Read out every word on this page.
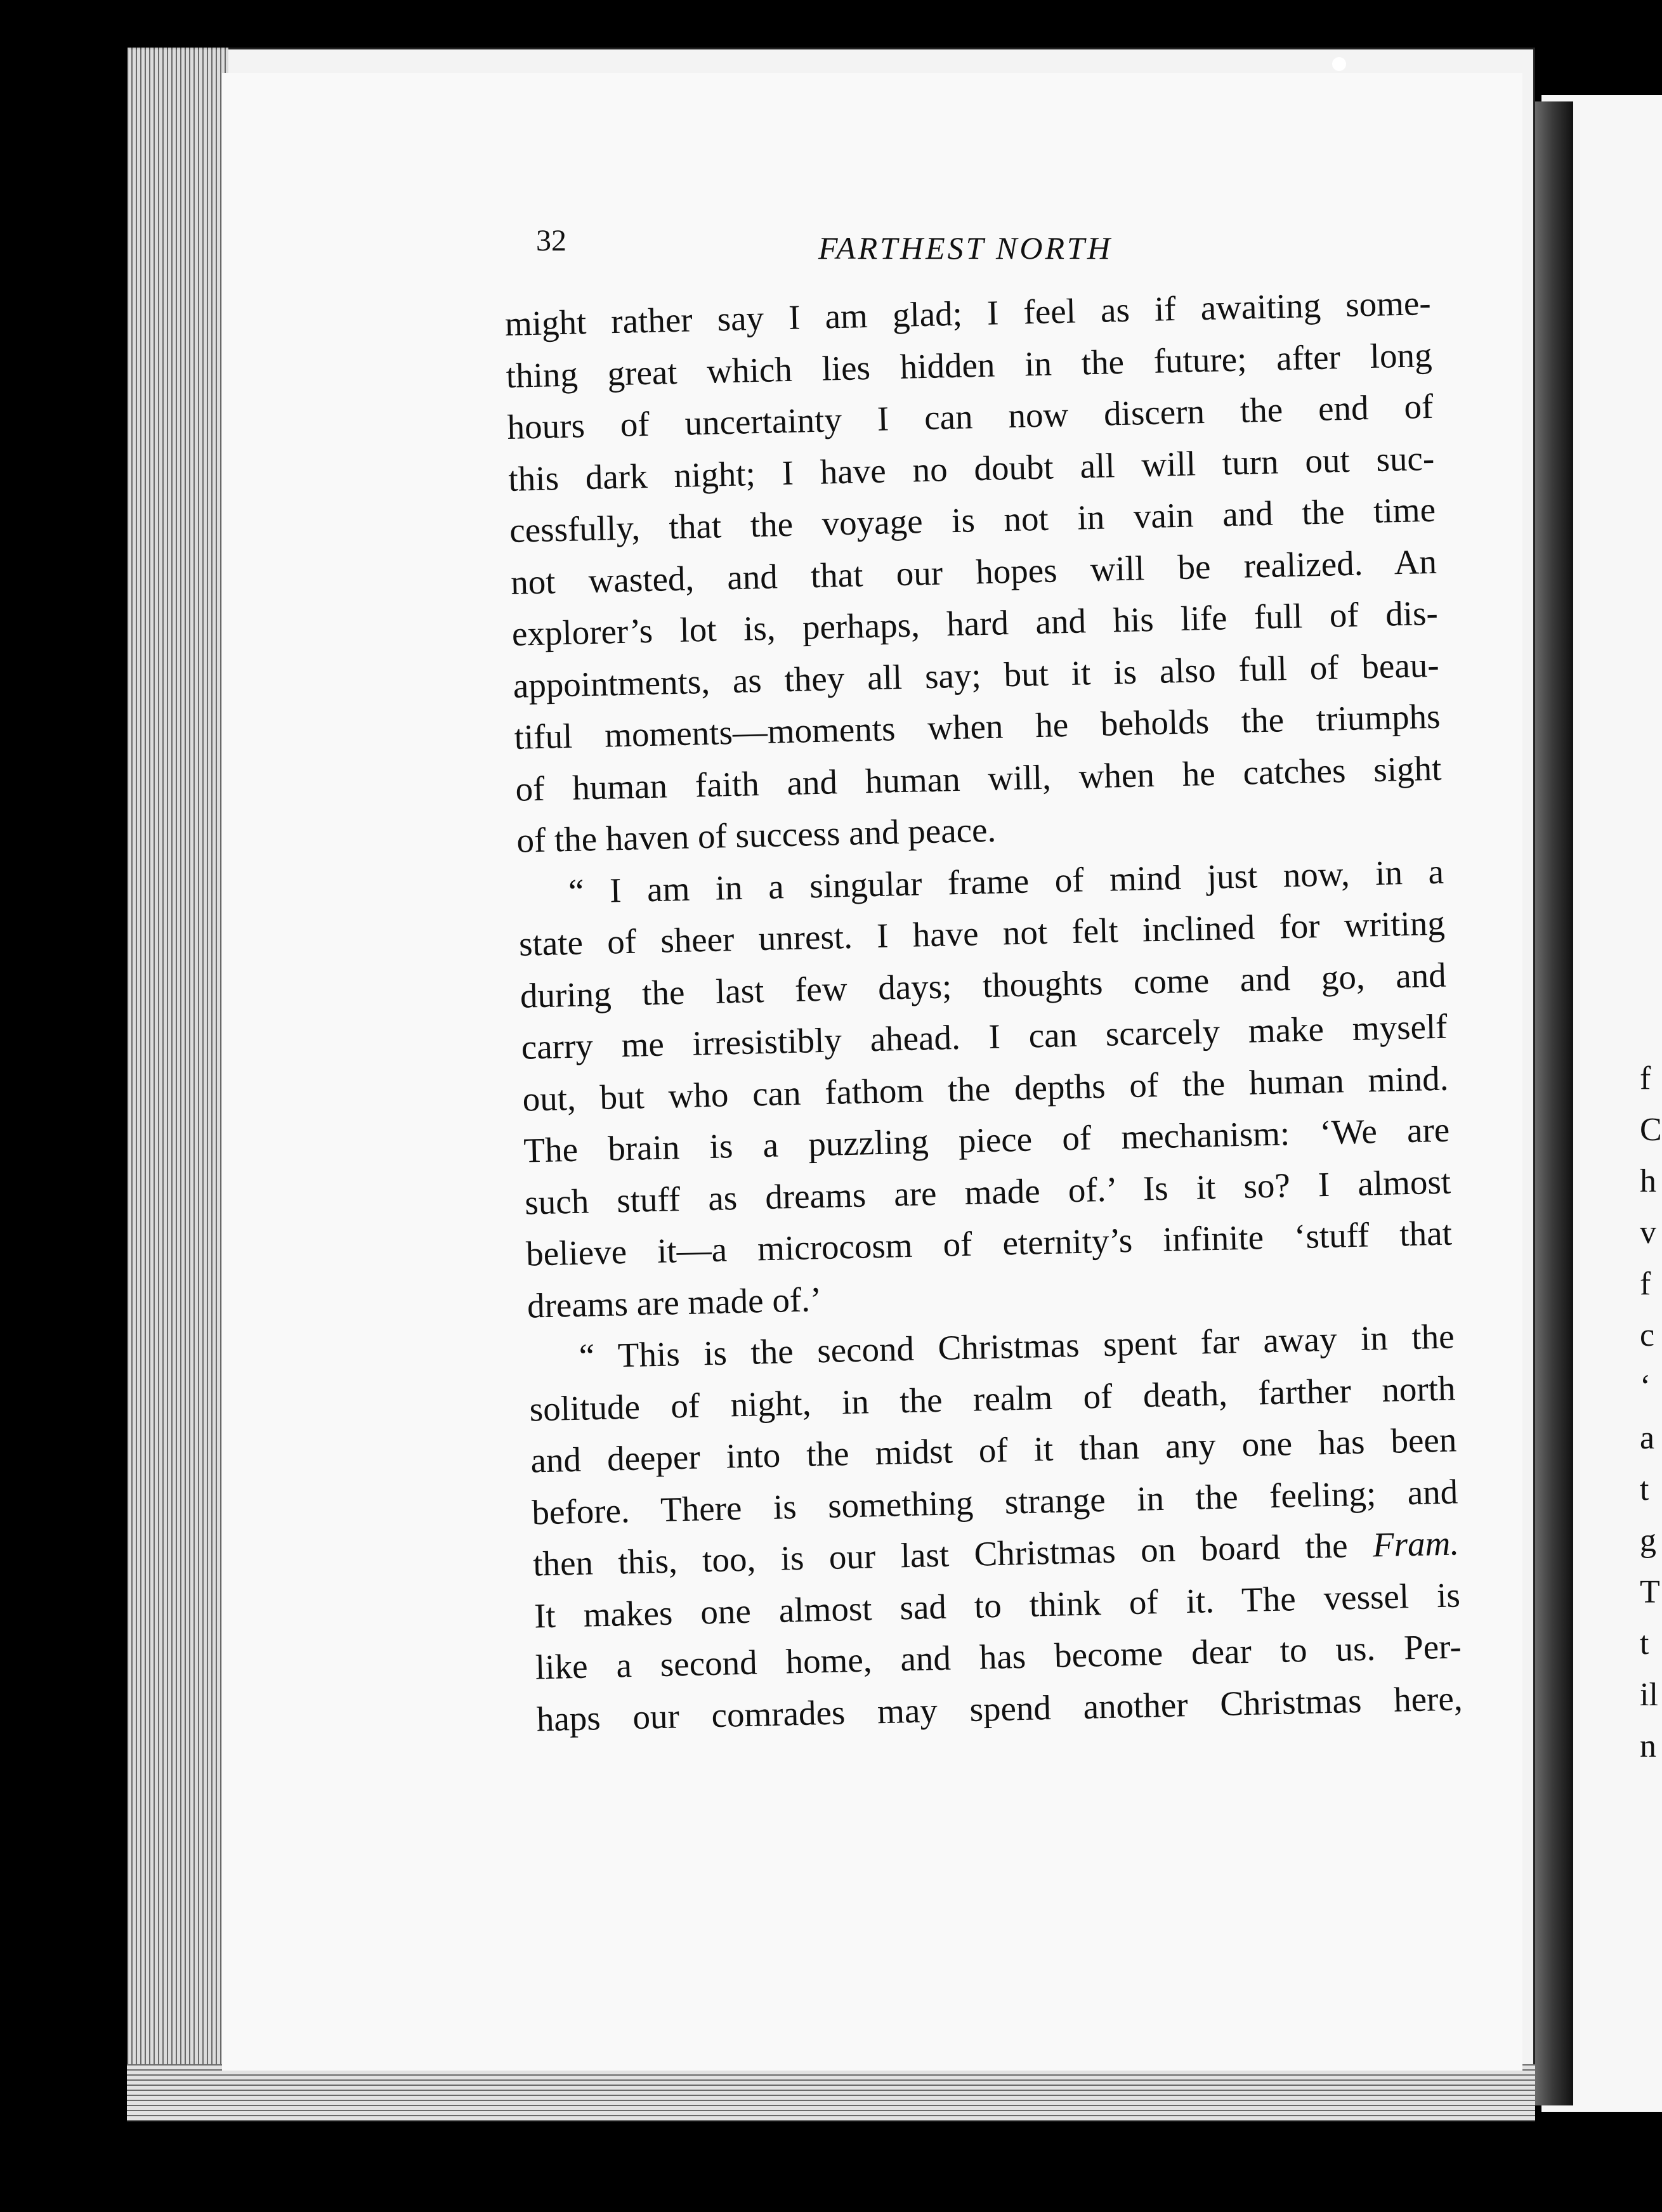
32	FARTHEST NORTH
might rather say I am glad; I feel as if awaiting some-
thing great which lies hidden in the future; after long
hours of uncertainty I can now discern the end of
this dark night; I have no doubt all will turn out suc-
cessfully, that the voyage is not in vain and the time
not wasted, and that our hopes will be realized. An
explorer’s lot is, perhaps, hard and his life full of dis-
appointments, as they all say; but it is also full of beau-
tiful moments—moments when he beholds the triumphs
of human faith and human will, when he catches sight
of the haven of success and peace.
“ I am in a singular frame of mind just now, in a
state of sheer unrest. I have not felt inclined for writing
during the last few days; thoughts come and go, and
carry me irresistibly ahead. I can scarcely make myself
out, but who can fathom the depths of the human mind.
The brain is a puzzling piece of mechanism: ‘We are
such stuff as dreams are made of.’ Is it so? I almost
believe it—a microcosm of eternity’s infinite ‘stuff that
dreams are made of.’
“ This is the second Christmas spent far away in the
solitude of night, in the realm of death, farther north
and deeper into the midst of it than any one has been
before. There is something strange in the feeling; and
then this, too, is our last Christmas on board the Fram.
It makes one almost sad to think of it. The vessel is
like a second home, and has become dear to us. Per-
haps our comrades may spend another Christmas here,
f
C
h
v
f
c
‘
a
t
g
T
t
il
n
